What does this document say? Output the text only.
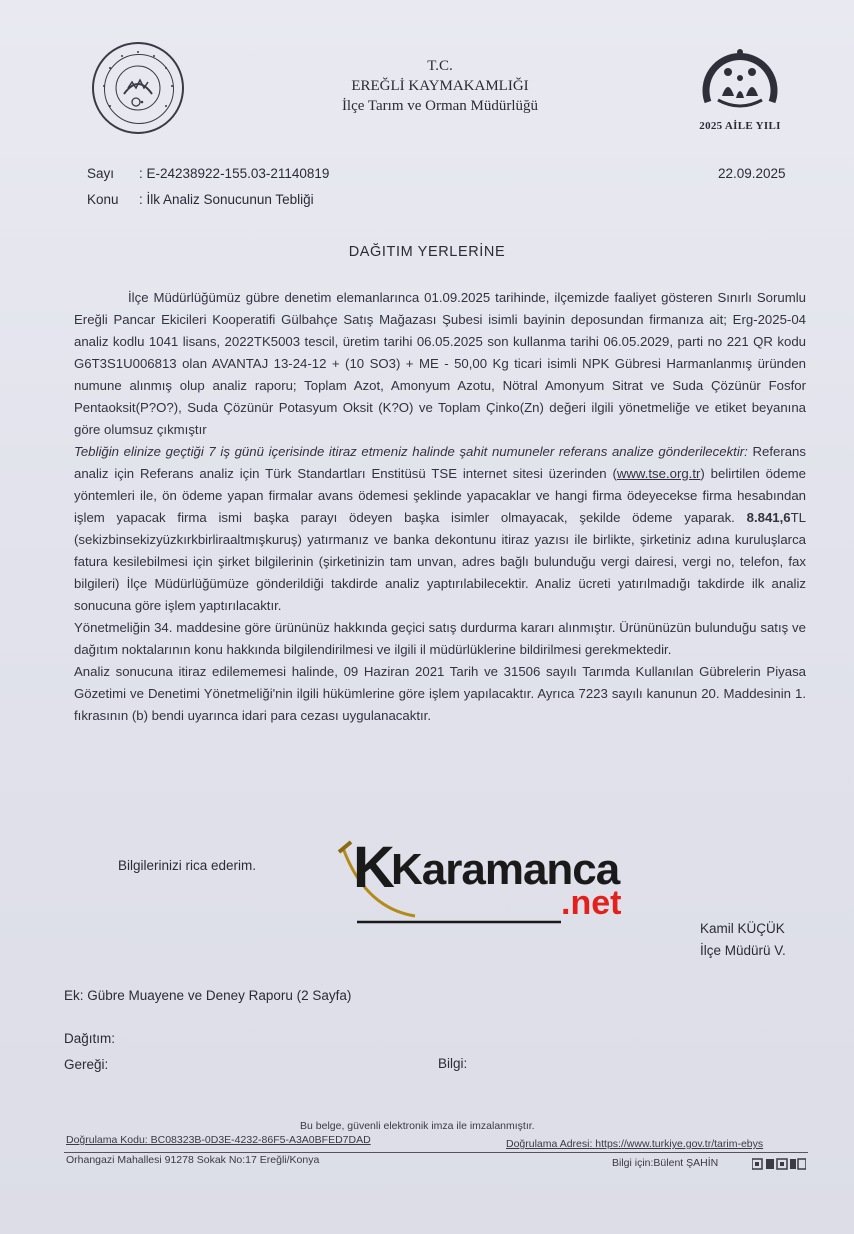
T.C.
EREĞLİ KAYMAKAMLIĞI
İlçe Tarım ve Orman Müdürlüğü
2025 AİLE YILI
Sayı : E-24238922-155.03-21140819
Konu : İlk Analiz Sonucunun Tebliği
22.09.2025
DAĞITIM YERLERİNE

İlçe Müdürlüğümüz gübre denetim elemanlarınca 01.09.2025 tarihinde, ilçemizde faaliyet gösteren Sınırlı Sorumlu Ereğli Pancar Ekicileri Kooperatifi Gülbahçe Satış Mağazası Şubesi isimli bayinin deposundan firmanıza ait; Erg-2025-04 analiz kodlu 1041 lisans, 2022TK5003 tescil, üretim tarihi 06.05.2025 son kullanma tarihi 06.05.2029, parti no 221 QR kodu G6T3S1U006813 olan AVANTAJ 13-24-12 + (10 SO3) + ME - 50,00 Kg ticari isimli NPK Gübresi Harmanlanmış üründen numune alınmış olup analiz raporu; Toplam Azot, Amonyum Azotu, Nötral Amonyum Sitrat ve Suda Çözünür Fosfor Pentaoksit(P?O?), Suda Çözünür Potasyum Oksit (K?O) ve Toplam Çinko(Zn) değeri ilgili yönetmeliğe ve etiket beyanına göre olumsuz çıkmıştır

Tebliğin elinize geçtiği 7 iş günü içerisinde itiraz etmeniz halinde şahit numuneler referans analize gönderilecektir: Referans analiz için Referans analiz için Türk Standartları Enstitüsü TSE internet sitesi üzerinden (www.tse.org.tr) belirtilen ödeme yöntemleri ile, ön ödeme yapan firmalar avans ödemesi şeklinde yapacaklar ve hangi firma ödeyecekse firma hesabından işlem yapacak firma ismi başka parayı ödeyen başka isimler olmayacak, şekilde ödeme yaparak. 8.841,6TL (sekizbinsekizyüzkırkbirliraaltmışkuruş) yatırmanız ve banka dekontunu itiraz yazısı ile birlikte, şirketiniz adına kuruluşlarca fatura kesilebilmesi için şirket bilgilerinin (şirketinizin tam unvan, adres bağlı bulunduğu vergi dairesi, vergi no, telefon, fax bilgileri) İlçe Müdürlüğümüze gönderildiği takdirde analiz yaptırılabilecektir. Analiz ücreti yatırılmadığı takdirde ilk analiz sonucuna göre işlem yaptırılacaktır.

Yönetmeliğin 34. maddesine göre ürününüz hakkında geçici satış durdurma kararı alınmıştır. Ürününüzün bulunduğu satış ve dağıtım noktalarının konu hakkında bilgilendirilmesi ve ilgili il müdürlüklerine bildirilmesi gerekmektedir.

Analiz sonucuna itiraz edilememesi halinde, 09 Haziran 2021 Tarih ve 31506 sayılı Tarımda Kullanılan Gübrelerin Piyasa Gözetimi ve Denetimi Yönetmeliği'nin ilgili hükümlerine göre işlem yapılacaktır. Ayrıca 7223 sayılı kanunun 20. Maddesinin 1. fıkrasının (b) bendi uyarınca idari para cezası uygulanacaktır.

Bilgilerinizi rica ederim. K
Karamanca
.net
Kamil KÜÇÜK
İlçe Müdürü V.
Ek: Gübre Muayene ve Deney Raporu (2 Sayfa)
Dağıtım:
Gereği:	Bilgi:
Bu belge, güvenli elektronik imza ile imzalanmıştır.
Doğrulama Kodu: BC08323B-0D3E-4232-86F5-A3A0BFED7DAD	Doğrulama Adresi: https://www.turkiye.gov.tr/tarim-ebys
Orhangazi Mahallesi 91278 Sokak No:17 Ereğli/Konya	Bilgi için:Bülent ŞAHİN
